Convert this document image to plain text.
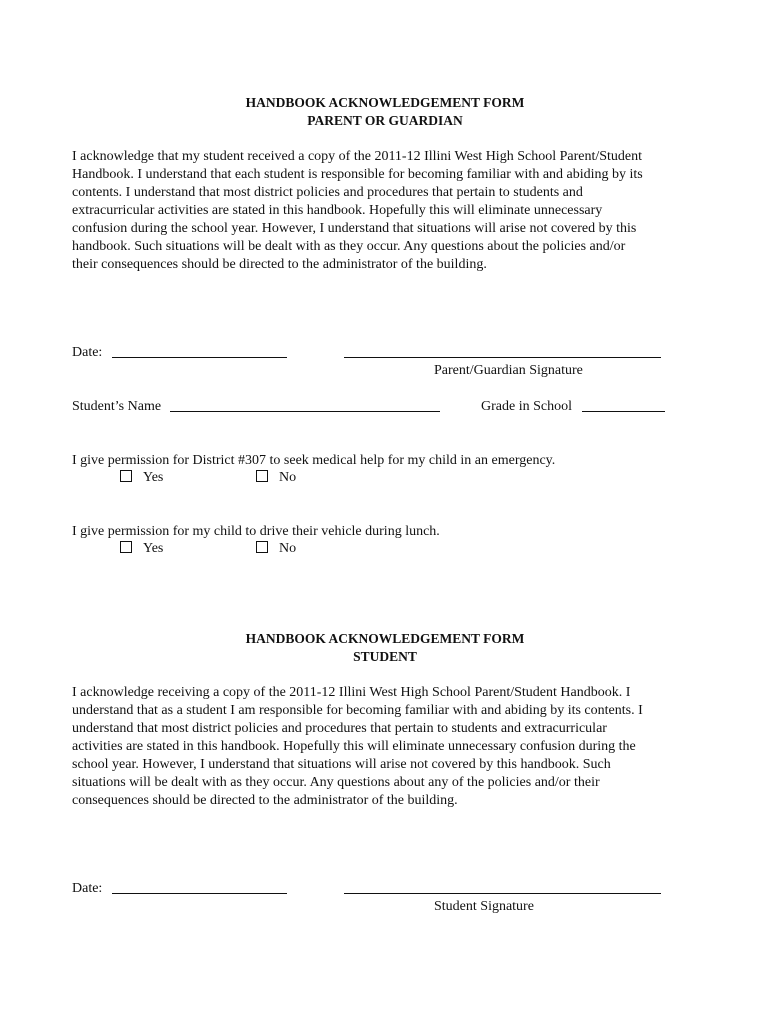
HANDBOOK ACKNOWLEDGEMENT FORM
PARENT OR GUARDIAN
I acknowledge that my student received a copy of the 2011-12 Illini West High School Parent/Student
Handbook. I understand that each student is responsible for becoming familiar with and abiding by its
contents. I understand that most district policies and procedures that pertain to students and
extracurricular activities are stated in this handbook. Hopefully this will eliminate unnecessary
confusion during the school year. However, I understand that situations will arise not covered by this
handbook. Such situations will be dealt with as they occur. Any questions about the policies and/or
their consequences should be directed to the administrator of the building.
Date:
Parent/Guardian Signature
Student’s Name	Grade in School
I give permission for District #307 to seek medical help for my child in an emergency.
Yes	No
I give permission for my child to drive their vehicle during lunch.
Yes	No
HANDBOOK ACKNOWLEDGEMENT FORM
STUDENT
I acknowledge receiving a copy of the 2011-12 Illini West High School Parent/Student Handbook. I
understand that as a student I am responsible for becoming familiar with and abiding by its contents. I
understand that most district policies and procedures that pertain to students and extracurricular
activities are stated in this handbook. Hopefully this will eliminate unnecessary confusion during the
school year. However, I understand that situations will arise not covered by this handbook. Such
situations will be dealt with as they occur. Any questions about any of the policies and/or their
consequences should be directed to the administrator of the building.
Date:
Student Signature
